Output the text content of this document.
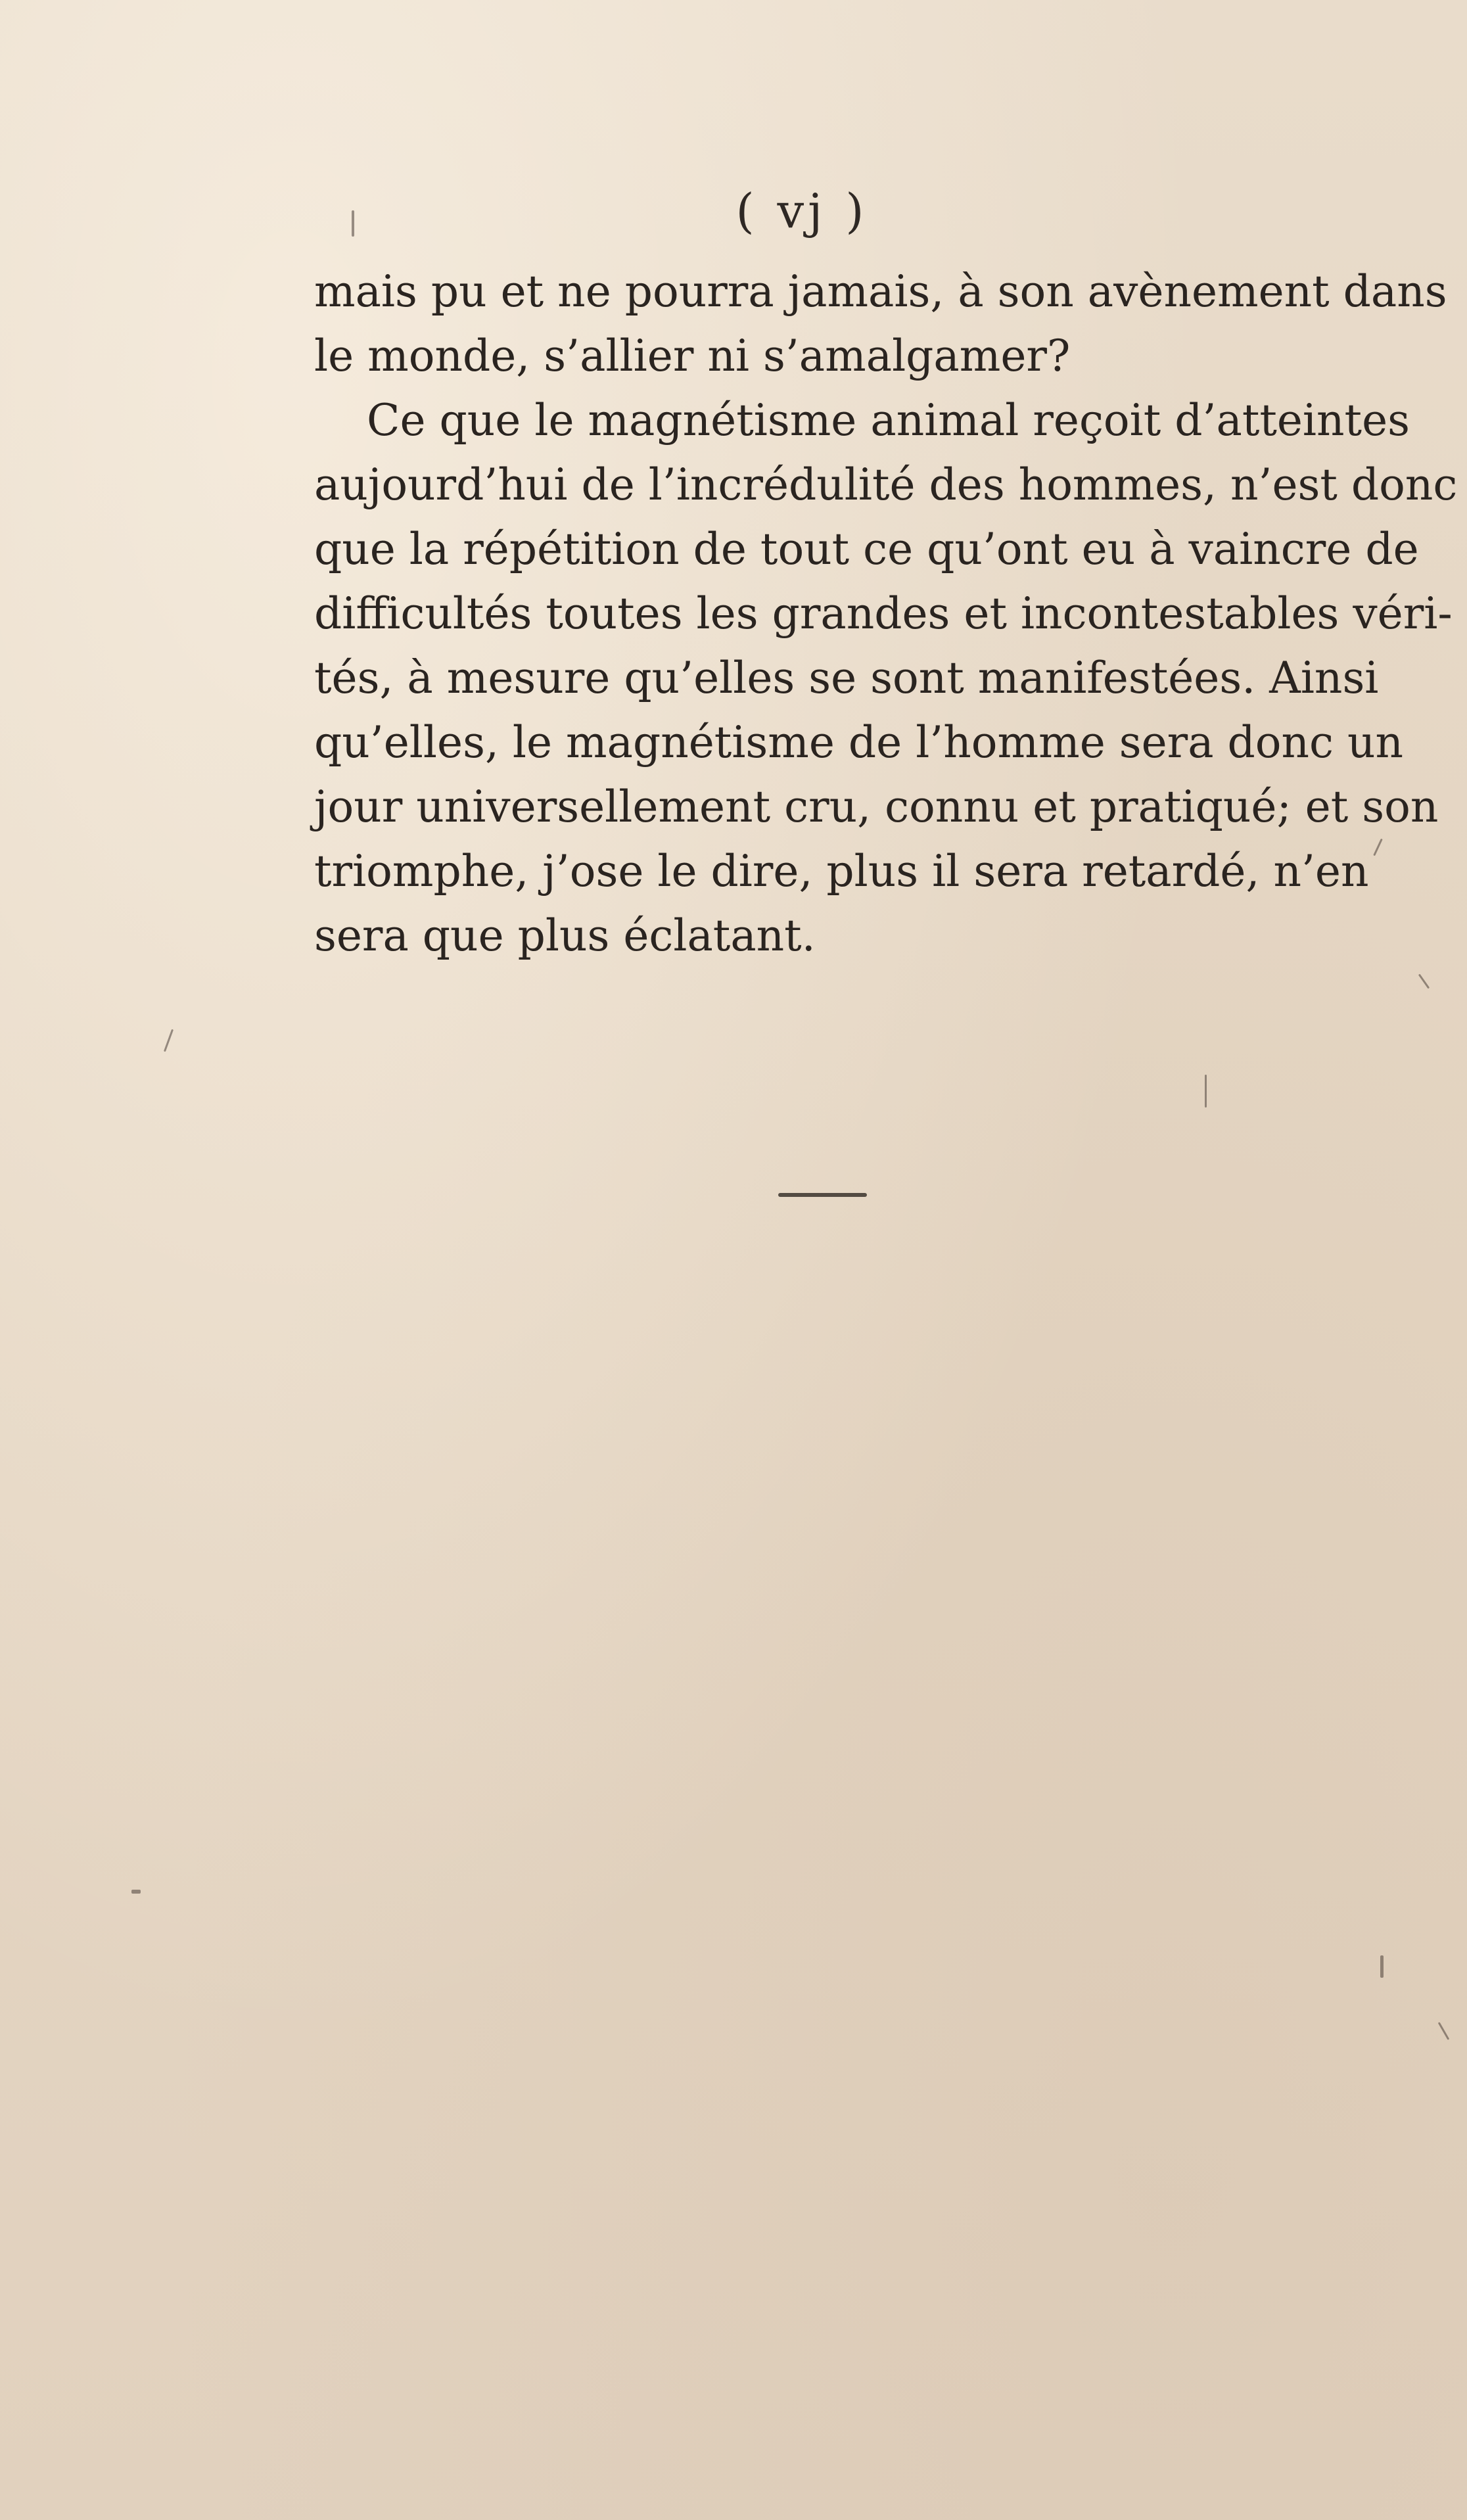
( vj )
mais pu et ne pourra jamais, à son avènement dans
le monde, s’allier ni s’amalgamer?
Ce que le magnétisme animal reçoit d’atteintes
aujourd’hui de l’incrédulité des hommes, n’est donc
que la répétition de tout ce qu’ont eu à vaincre de
difficultés toutes les grandes et incontestables véri-
tés, à mesure qu’elles se sont manifestées. Ainsi
qu’elles, le magnétisme de l’homme sera donc un
jour universellement cru, connu et pratiqué; et son
triomphe, j’ose le dire, plus il sera retardé, n’en
sera que plus éclatant.
